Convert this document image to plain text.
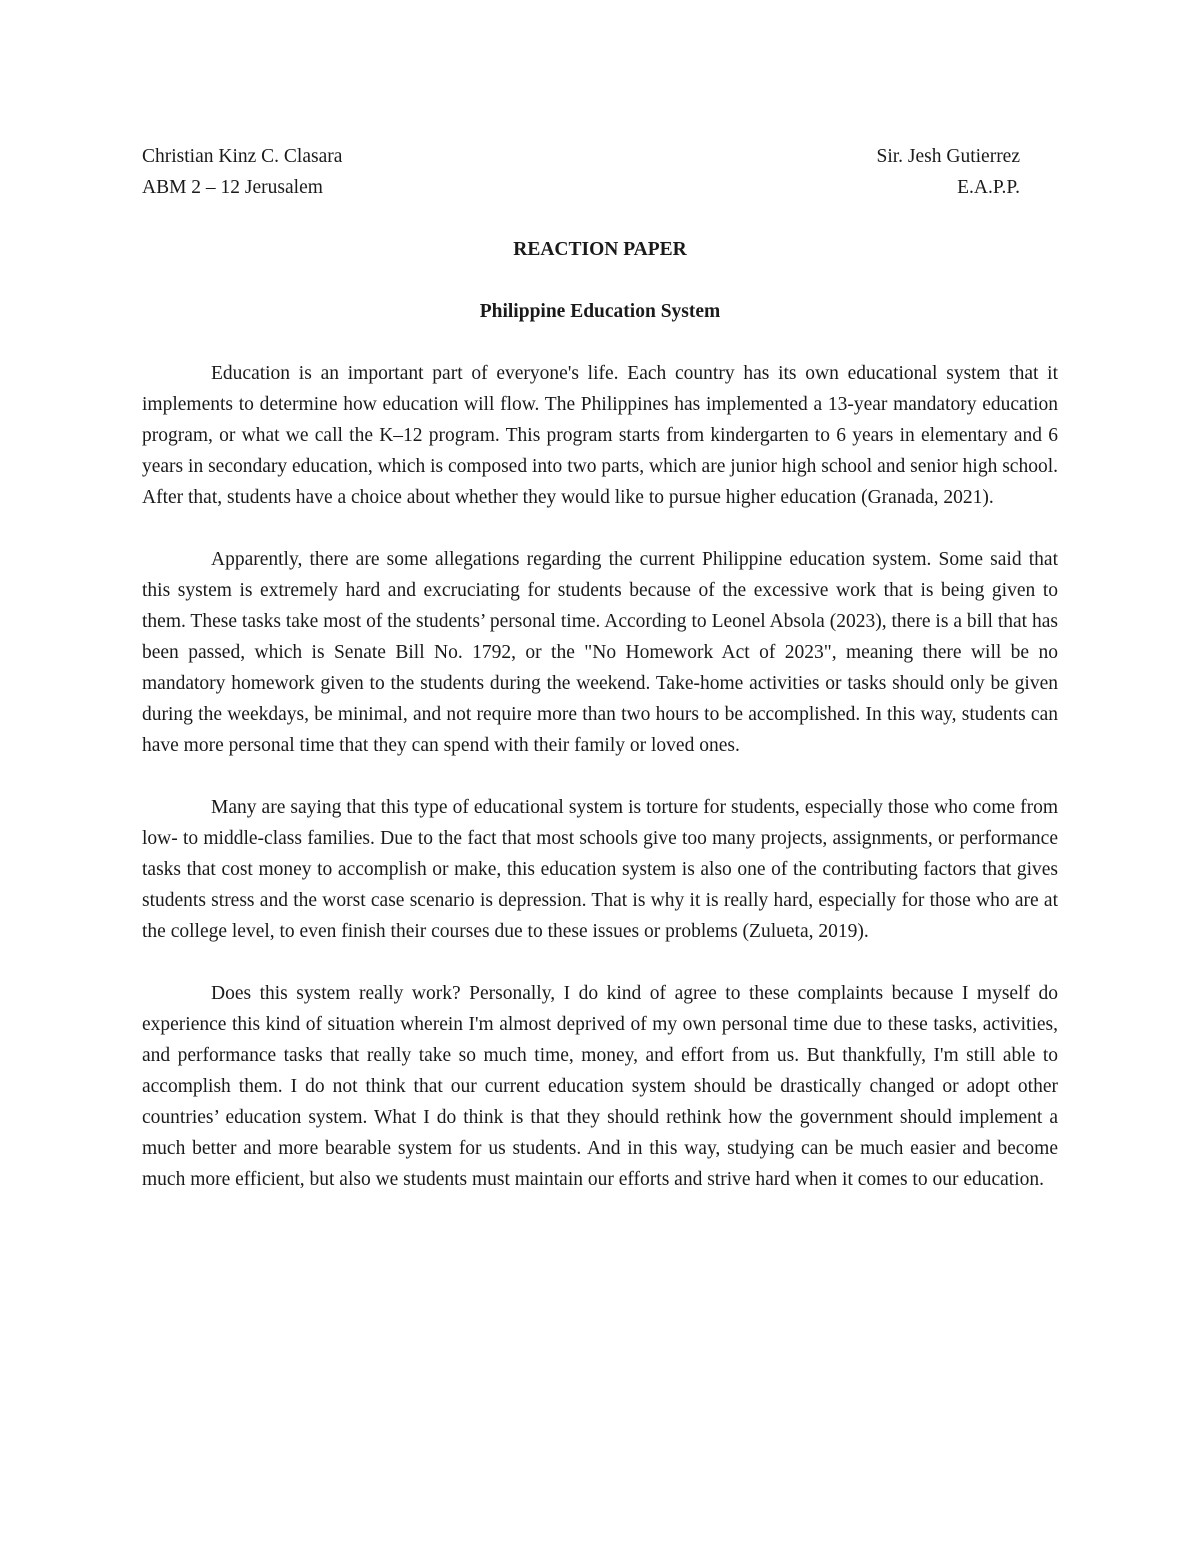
Christian Kinz C. Clasara	Sir. Jesh Gutierrez
ABM 2 – 12 Jerusalem	E.A.P.P.
REACTION PAPER
Philippine Education System

Education is an important part of everyone's life. Each country has its own educational system that it implements to determine how education will flow. The Philippines has implemented a 13-year mandatory education program, or what we call the K–12 program. This program starts from kindergarten to 6 years in elementary and 6 years in secondary education, which is composed into two parts, which are junior high school and senior high school. After that, students have a choice about whether they would like to pursue higher education (Granada, 2021).

Apparently, there are some allegations regarding the current Philippine education system. Some said that this system is extremely hard and excruciating for students because of the excessive work that is being given to them. These tasks take most of the students’ personal time. According to Leonel Absola (2023), there is a bill that has been passed, which is Senate Bill No. 1792, or the "No Homework Act of 2023", meaning there will be no mandatory homework given to the students during the weekend. Take-home activities or tasks should only be given during the weekdays, be minimal, and not require more than two hours to be accomplished. In this way, students can have more personal time that they can spend with their family or loved ones.

Many are saying that this type of educational system is torture for students, especially those who come from low- to middle-class families. Due to the fact that most schools give too many projects, assignments, or performance tasks that cost money to accomplish or make, this education system is also one of the contributing factors that gives students stress and the worst case scenario is depression. That is why it is really hard, especially for those who are at the college level, to even finish their courses due to these issues or problems (Zulueta, 2019).

Does this system really work? Personally, I do kind of agree to these complaints because I myself do experience this kind of situation wherein I'm almost deprived of my own personal time due to these tasks, activities, and performance tasks that really take so much time, money, and effort from us. But thankfully, I'm still able to accomplish them. I do not think that our current education system should be drastically changed or adopt other countries’ education system. What I do think is that they should rethink how the government should implement a much better and more bearable system for us students. And in this way, studying can be much easier and become much more efficient, but also we students must maintain our efforts and strive hard when it comes to our education.
